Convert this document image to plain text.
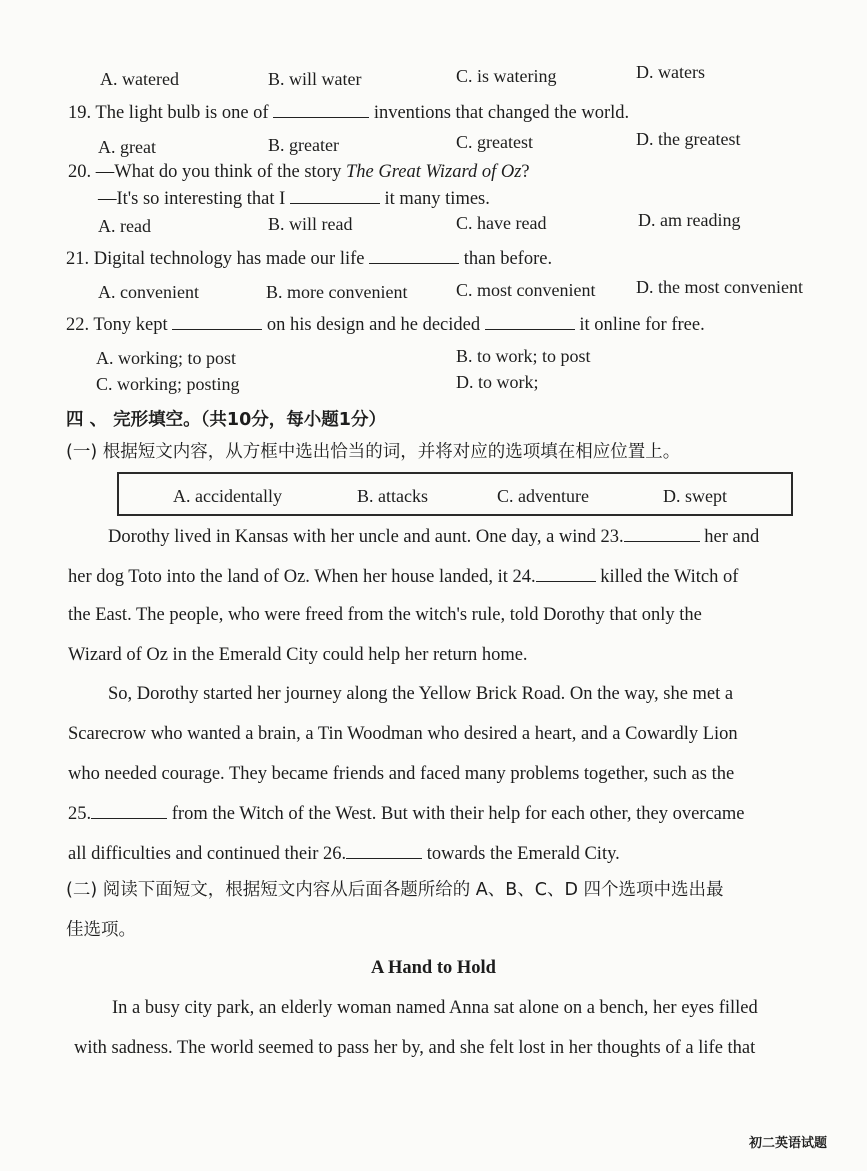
A. watered	B. will water	C. is watering	D. waters
19. The light bulb is one of	inventions that changed the world.
A. great	B. greater	C. greatest	D. the greatest
20. —What do you think of the story The Great Wizard of Oz?
—It's so interesting that I	it many times.
A. read	B. will read	C. have read	D. am reading
21. Digital technology has made our life	than before.
A. convenient	B. more convenient	C. most convenient D. the most convenient
22. Tony kept	on his design and he decided	it online for free.
A. working; to post	B. to work; to post
C. working; posting	D. to work;
四 、 完形填空。（共10分，每小题1分）
(一) 根据短文内容，从方框中选出恰当的词，并将对应的选项填在相应位置上。
A. accidentally	B. attacks	C. adventure	D. swept
Dorothy lived in Kansas with her uncle and aunt. One day, a wind 23.	her and
her dog Toto into the land of Oz. When her house landed, it 24.	killed the Witch of
the East. The people, who were freed from the witch's rule, told Dorothy that only the
Wizard of Oz in the Emerald City could help her return home.
So, Dorothy started her journey along the Yellow Brick Road. On the way, she met a
Scarecrow who wanted a brain, a Tin Woodman who desired a heart, and a Cowardly Lion
who needed courage. They became friends and faced many problems together, such as the
25.	from the Witch of the West. But with their help for each other, they overcame
all difficulties and continued their 26.	towards the Emerald City.
(二) 阅读下面短文，根据短文内容从后面各题所给的 A、B、C、D 四个选项中选出最
佳选项。
A Hand to Hold
In a busy city park, an elderly woman named Anna sat alone on a bench, her eyes filled
with sadness. The world seemed to pass her by, and she felt lost in her thoughts of a life that
初二英语试题
